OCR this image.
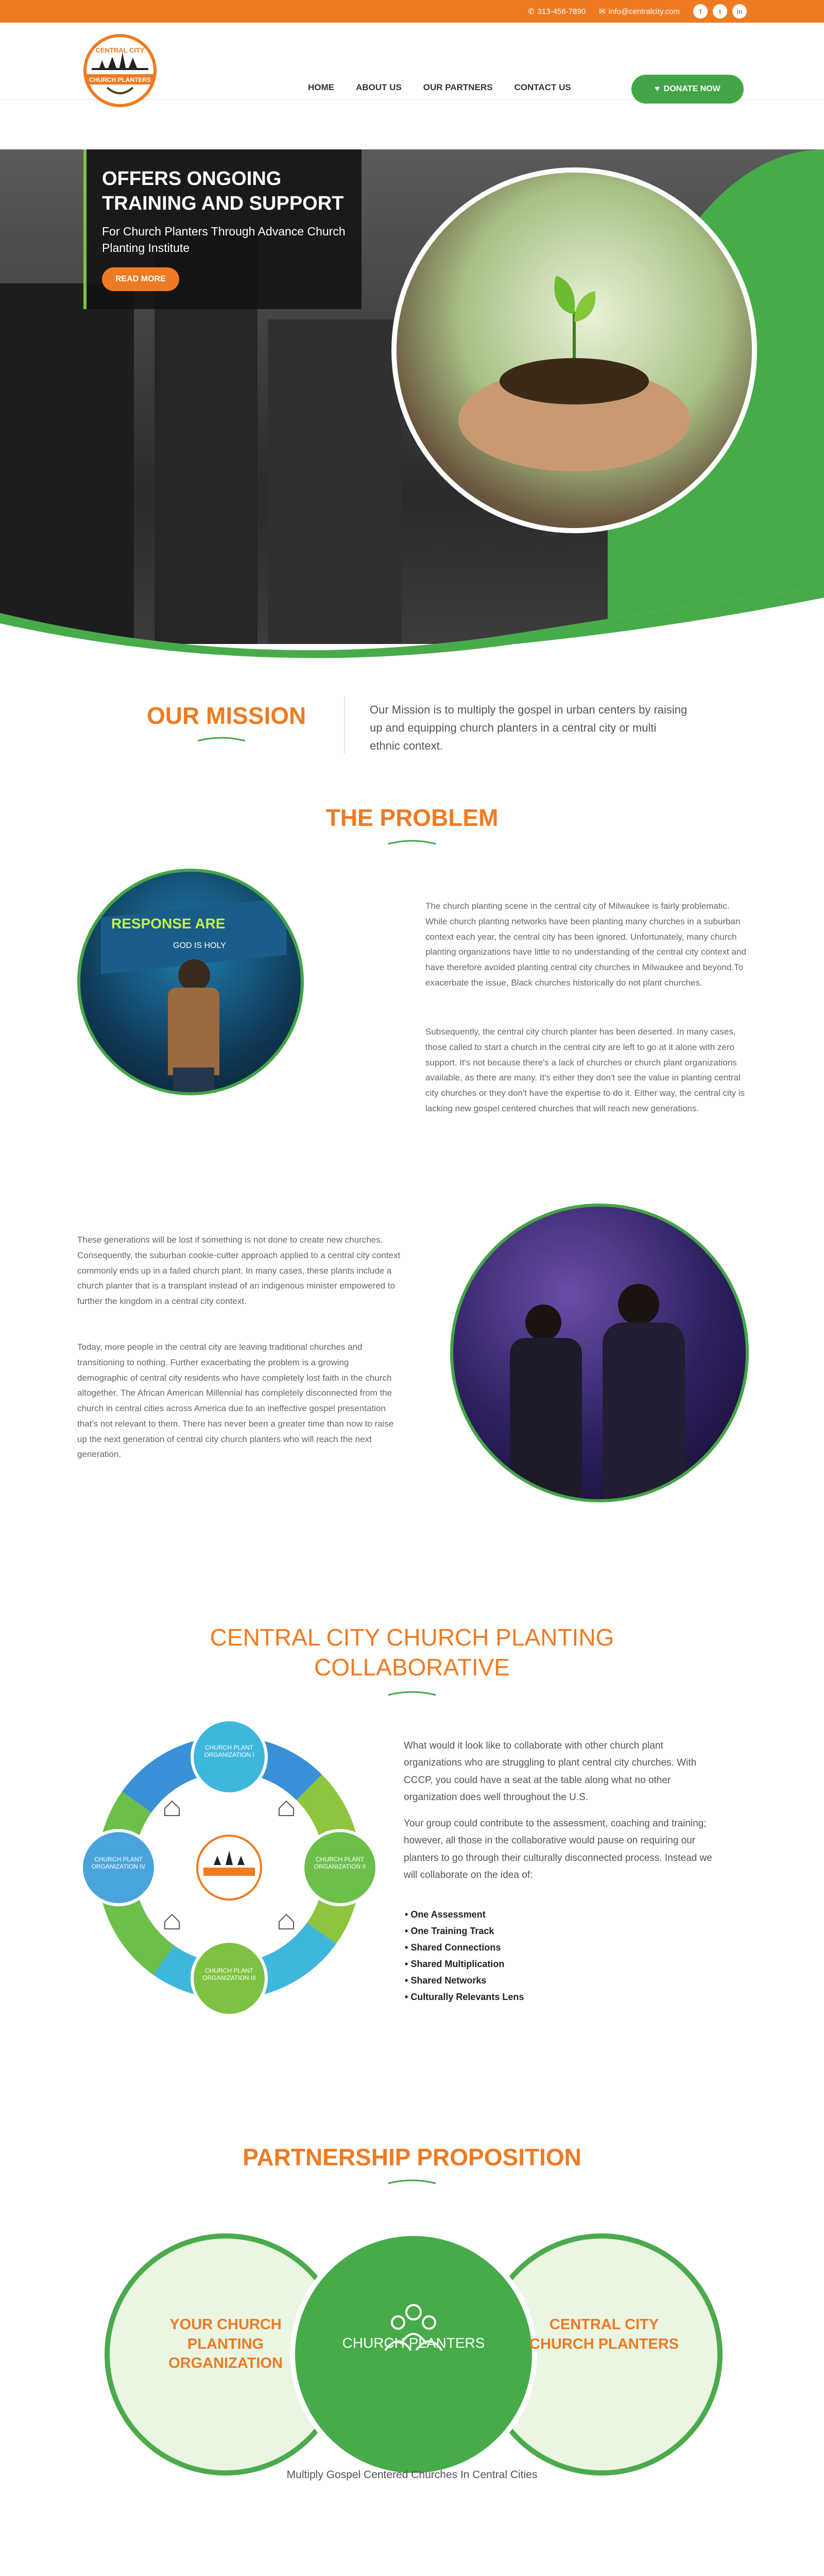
✆ 313-456-7890 ✉ info@centralcity.com	f	t	in
CENTRAL CITY
CHURCH PLANTERS
HOME ABOUT US OUR PARTNERS CONTACT US	♥ DONATE NOW
OFFERS ONGOING TRAINING AND SUPPORT

For Church Planters Through Advance Church Planting Institute

READ MORE
OUR MISSION	Our Mission is to multiply the gospel in urban centers by raising up and equipping church planters in a central city or multi ethnic context.
THE PROBLEM
RESPONSE ARE
GOD IS HOLY
The church planting scene in the central city of Milwaukee is fairly problematic. While church planting networks have been planting many churches in a suburban context each year, the central city has been ignored. Unfortunately, many church planting organizations have little to no understanding of the central city context and have therefore avoided planting central city churches in Milwaukee and beyond.To exacerbate the issue, Black churches historically do not plant churches.
Subsequently, the central city church planter has been deserted. In many cases, those called to start a church in the central city are left to go at it alone with zero support. It's not because there's a lack of churches or church plant organizations available, as there are many. It's either they don't see the value in planting central city churches or they don't have the expertise to do it. Either way, the central city is lacking new gospel centered churches that will reach new generations.
These generations will be lost if something is not done to create new churches. Consequently, the suburban cookie-cutter approach applied to a central city context commonly ends up in a failed church plant. In many cases, these plants include a church planter that is a transplant instead of an indigenous minister empowered to further the kingdom in a central city context.
Today, more people in the central city are leaving traditional churches and transitioning to nothing. Further exacerbating the problem is a growing demographic of central city residents who have completely lost faith in the church altogether. The African American Millennial has completely disconnected from the church in central cities across America due to an ineffective gospel presentation that's not relevant to them. There has never been a greater time than now to raise up the next generation of central city church planters who will reach the next generation.
CENTRAL CITY CHURCH PLANTING
COLLABORATIVE
CHURCH PLANT ORGANIZATION I
CHURCH PLANT ORGANIZATION II
CHURCH PLANT ORGANIZATION III
CHURCH PLANT ORGANIZATION IV

What would it look like to collaborate with other church plant organizations who are struggling to plant central city churches. With CCCP, you could have a seat at the table along what no other organization does well throughout the U.S.

Your group could contribute to the assessment, coaching and training; however, all those in the collaborative would pause on requiring our planters to go through their culturally disconnected process. Instead we will collaborate on the idea of:

• One Assessment
• One Training Track
• Shared Connections
• Shared Multiplication
• Shared Networks
• Culturally Relevants Lens
PARTNERSHIP PROPOSITION
YOUR CHURCH PLANTING ORGANIZATION
CHURCH PLANTERS
CENTRAL CITY CHURCH PLANTERS
Multiply Gospel Centered Churches In Central Cities
